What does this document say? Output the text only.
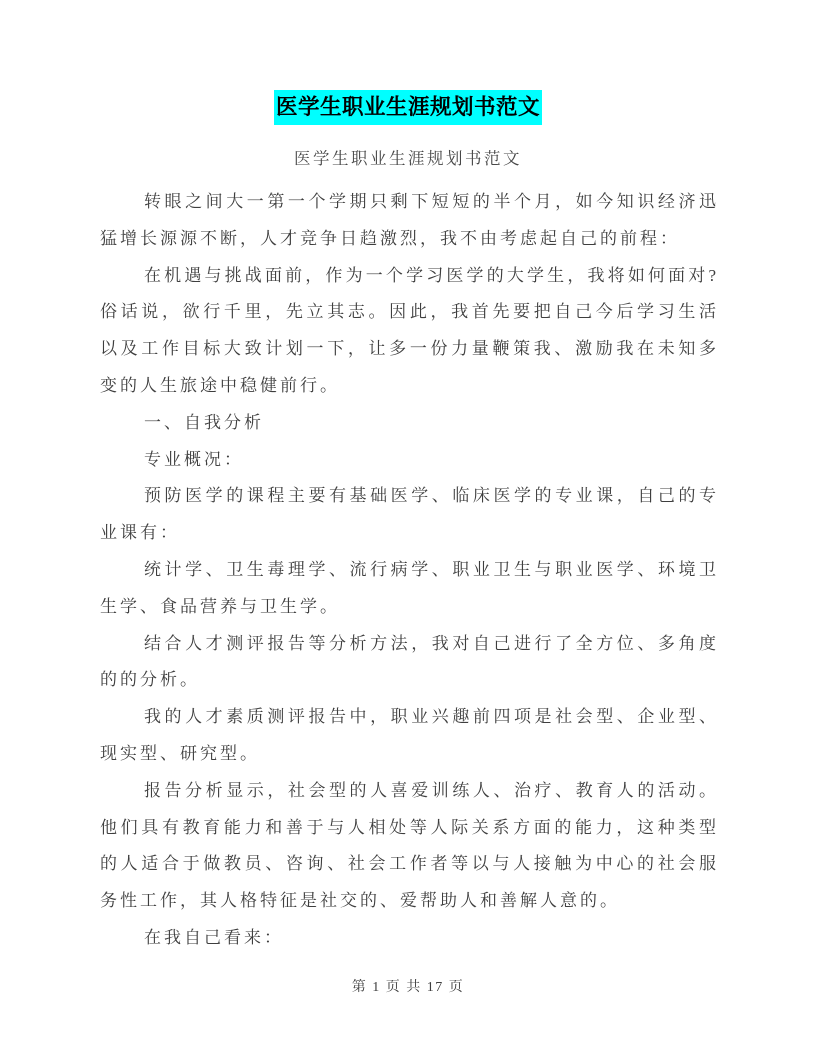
医学生职业生涯规划书范文
医学生职业生涯规划书范文

转眼之间大一第一个学期只剩下短短的半个月，如今知识经济迅猛增长源源不断，人才竞争日趋激烈，我不由考虑起自己的前程：

在机遇与挑战面前，作为一个学习医学的大学生，我将如何面对?俗话说，欲行千里，先立其志。因此，我首先要把自己今后学习生活以及工作目标大致计划一下，让多一份力量鞭策我、激励我在未知多变的人生旅途中稳健前行。

一、自我分析

专业概况：

预防医学的课程主要有基础医学、临床医学的专业课，自己的专业课有：

统计学、卫生毒理学、流行病学、职业卫生与职业医学、环境卫生学、食品营养与卫生学。

结合人才测评报告等分析方法，我对自己进行了全方位、多角度的的分析。

我的人才素质测评报告中，职业兴趣前四项是社会型、企业型、现实型、研究型。

报告分析显示，社会型的人喜爱训练人、治疗、教育人的活动。他们具有教育能力和善于与人相处等人际关系方面的能力，这种类型的人适合于做教员、咨询、社会工作者等以与人接触为中心的社会服务性工作，其人格特征是社交的、爱帮助人和善解人意的。

在我自己看来：

第 1 页 共 17 页
